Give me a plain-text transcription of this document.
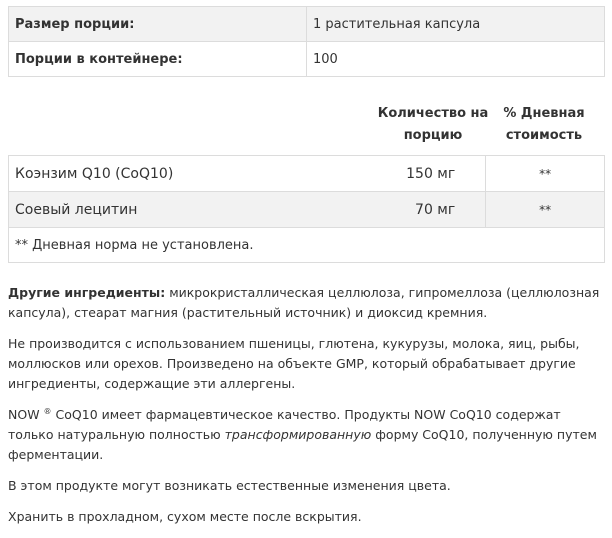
Размер порции:	1 растительная капсула
Порции в контейнере:	100
Количество на
порцию
% Дневная
стоимость
Коэнзим Q10 (CoQ10)	150 мг	**
Соевый лецитин	70 мг	**
** Дневная норма не установлена.		

Другие ингредиенты: микрокристаллическая целлюлоза, гипромеллоза (целлюлозная капсула), стеарат магния (растительный источник) и диоксид кремния.

Не производится с использованием пшеницы, глютена, кукурузы, молока, яиц, рыбы, моллюсков или орехов. Произведено на объекте GMP, который обрабатывает другие ингредиенты, содержащие эти аллергены.

NOW ® CoQ10 имеет фармацевтическое качество. Продукты NOW CoQ10 содержат только натуральную полностью трансформированную форму CoQ10, полученную путем ферментации.

В этом продукте могут возникать естественные изменения цвета.

Хранить в прохладном, сухом месте после вскрытия.
